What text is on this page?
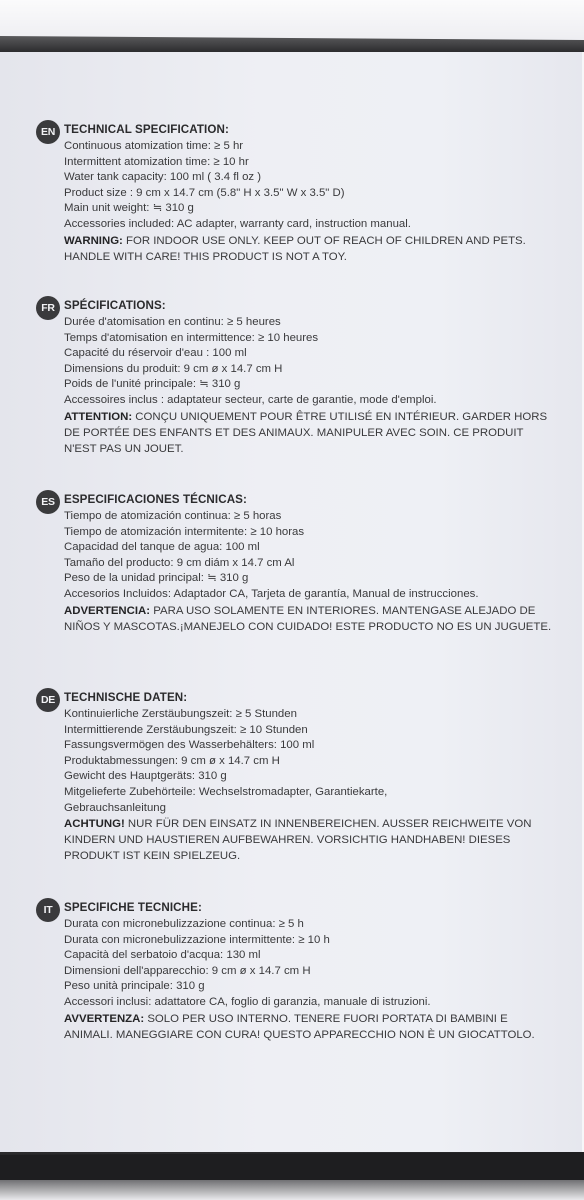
EN TECHNICAL SPECIFICATION:
Continuous atomization time: ≥ 5 hr
Intermittent atomization time: ≥ 10 hr
Water tank capacity: 100 ml ( 3.4 fl oz )
Product size : 9 cm x 14.7 cm (5.8" H x 3.5" W x 3.5" D)
Main unit weight: ≒ 310 g
Accessories included: AC adapter, warranty card, instruction manual.
WARNING: FOR INDOOR USE ONLY. KEEP OUT OF REACH OF CHILDREN AND PETS. HANDLE WITH CARE! THIS PRODUCT IS NOT A TOY.
FR SPÉCIFICATIONS:
Durée d'atomisation en continu: ≥ 5 heures
Temps d'atomisation en intermittence: ≥ 10 heures
Capacité du réservoir d'eau : 100 ml
Dimensions du produit: 9 cm ø x 14.7 cm H
Poids de l'unité principale: ≒ 310 g
Accessoires inclus : adaptateur secteur, carte de garantie, mode d'emploi.
ATTENTION: CONÇU UNIQUEMENT POUR ÊTRE UTILISÉ EN INTÉRIEUR. GARDER HORS DE PORTÉE DES ENFANTS ET DES ANIMAUX. MANIPULER AVEC SOIN. CE PRODUIT N'EST PAS UN JOUET.
ES ESPECIFICACIONES TÉCNICAS:
Tiempo de atomización continua: ≥ 5 horas
Tiempo de atomización intermitente: ≥ 10 horas
Capacidad del tanque de agua: 100 ml
Tamaño del producto: 9 cm diám x 14.7 cm Al
Peso de la unidad principal: ≒ 310 g
Accesorios Incluidos: Adaptador CA, Tarjeta de garantía, Manual de instrucciones.
ADVERTENCIA: PARA USO SOLAMENTE EN INTERIORES. MANTENGASE ALEJADO DE NIÑOS Y MASCOTAS.¡MANEJELO CON CUIDADO! ESTE PRODUCTO NO ES UN JUGUETE.
DE TECHNISCHE DATEN:
Kontinuierliche Zerstäubungszeit: ≥ 5 Stunden
Intermittierende Zerstäubungszeit: ≥ 10 Stunden
Fassungsvermögen des Wasserbehälters: 100 ml
Produktabmessungen: 9 cm ø x 14.7 cm H
Gewicht des Hauptgeräts: 310 g
Mitgelieferte Zubehörteile: Wechselstromadapter, Garantiekarte,
Gebrauchsanleitung
ACHTUNG! NUR FÜR DEN EINSATZ IN INNENBEREICHEN. AUSSER REICHWEITE VON KINDERN UND HAUSTIEREN AUFBEWAHREN. VORSICHTIG HANDHABEN! DIESES PRODUKT IST KEIN SPIELZEUG.
IT	SPECIFICHE TECNICHE:
Durata con micronebulizzazione continua: ≥ 5 h
Durata con micronebulizzazione intermittente: ≥ 10 h
Capacità del serbatoio d'acqua: 130 ml
Dimensioni dell'apparecchio: 9 cm ø x 14.7 cm H
Peso unità principale: 310 g
Accessori inclusi: adattatore CA, foglio di garanzia, manuale di istruzioni.
AVVERTENZA: SOLO PER USO INTERNO. TENERE FUORI PORTATA DI BAMBINI E ANIMALI. MANEGGIARE CON CURA! QUESTO APPARECCHIO NON È UN GIOCATTOLO.
